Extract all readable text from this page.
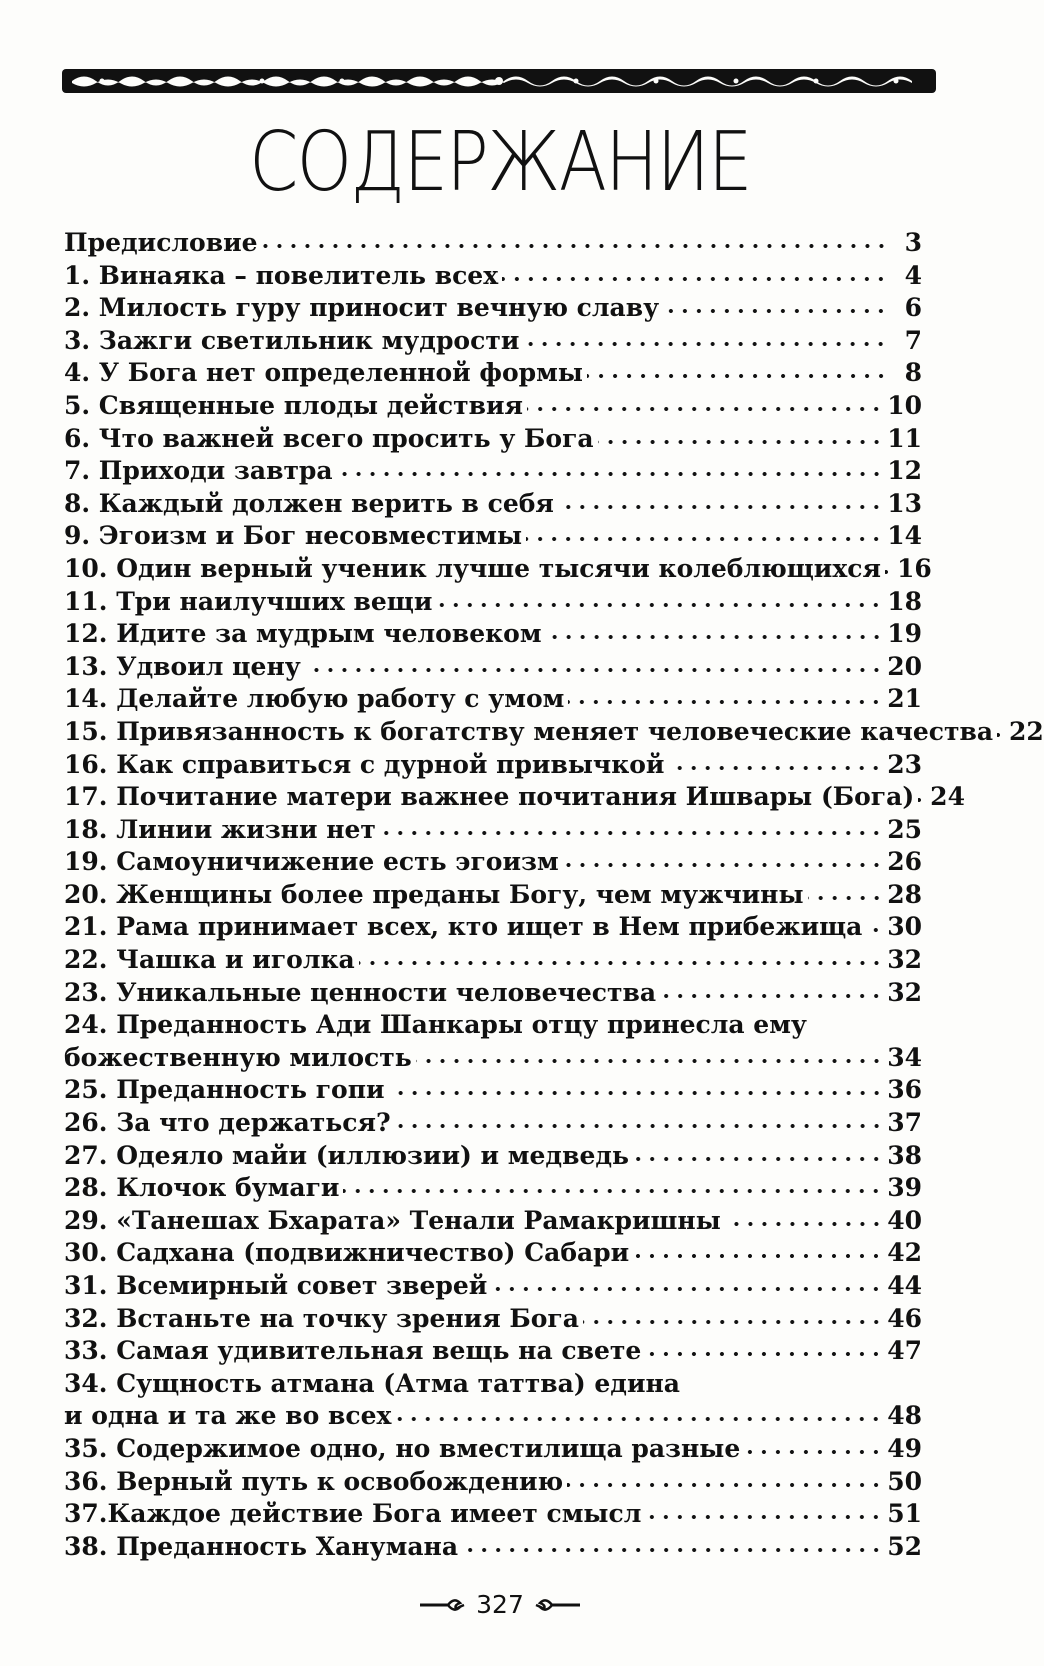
СОДЕРЖАНИЕ
Предисловие	3
1. Винаяка – повелитель всех	4
2. Милость гуру приносит вечную славу	6
3. Зажги светильник мудрости	7
4. У Бога нет определенной формы	8
5. Священные плоды действия	10
6. Что важней всего просить у Бога	11
7. Приходи завтра	12
8. Каждый должен верить в себя	13
9. Эгоизм и Бог несовместимы	14
10. Один верный ученик лучше тысячи колеблющихся 16
11. Три наилучших вещи	18
12. Идите за мудрым человеком	19
13. Удвоил цену	20
14. Делайте любую работу с умом	21
15. Привязанность к богатству меняет человеческие качества 22
16. Как справиться с дурной привычкой	23
17. Почитание матери важнее почитания Ишвары (Бога) 24
18. Линии жизни нет	25
19. Самоуничижение есть эгоизм	26
20. Женщины более преданы Богу, чем мужчины	28
21. Рама принимает всех, кто ищет в Нем прибежища 30
22. Чашка и иголка	32
23. Уникальные ценности человечества	32
24. Преданность Ади Шанкары отцу принесла ему
божественную милость	34
25. Преданность гопи	36
26. За что держаться?	37
27. Одеяло майи (иллюзии) и медведь	38
28. Клочок бумаги	39
29. «Танешах Бхарата» Тенали Рамакришны	40
30. Садхана (подвижничество) Сабари	42
31. Всемирный совет зверей	44
32. Встаньте на точку зрения Бога	46
33. Самая удивительная вещь на свете	47
34. Сущность атмана (Атма таттва) едина
и одна и та же во всех	48
35. Содержимое одно, но вместилища разные	49
36. Верный путь к освобождению	50
37.Каждое действие Бога имеет смысл	51
38. Преданность Ханумана	52
327
